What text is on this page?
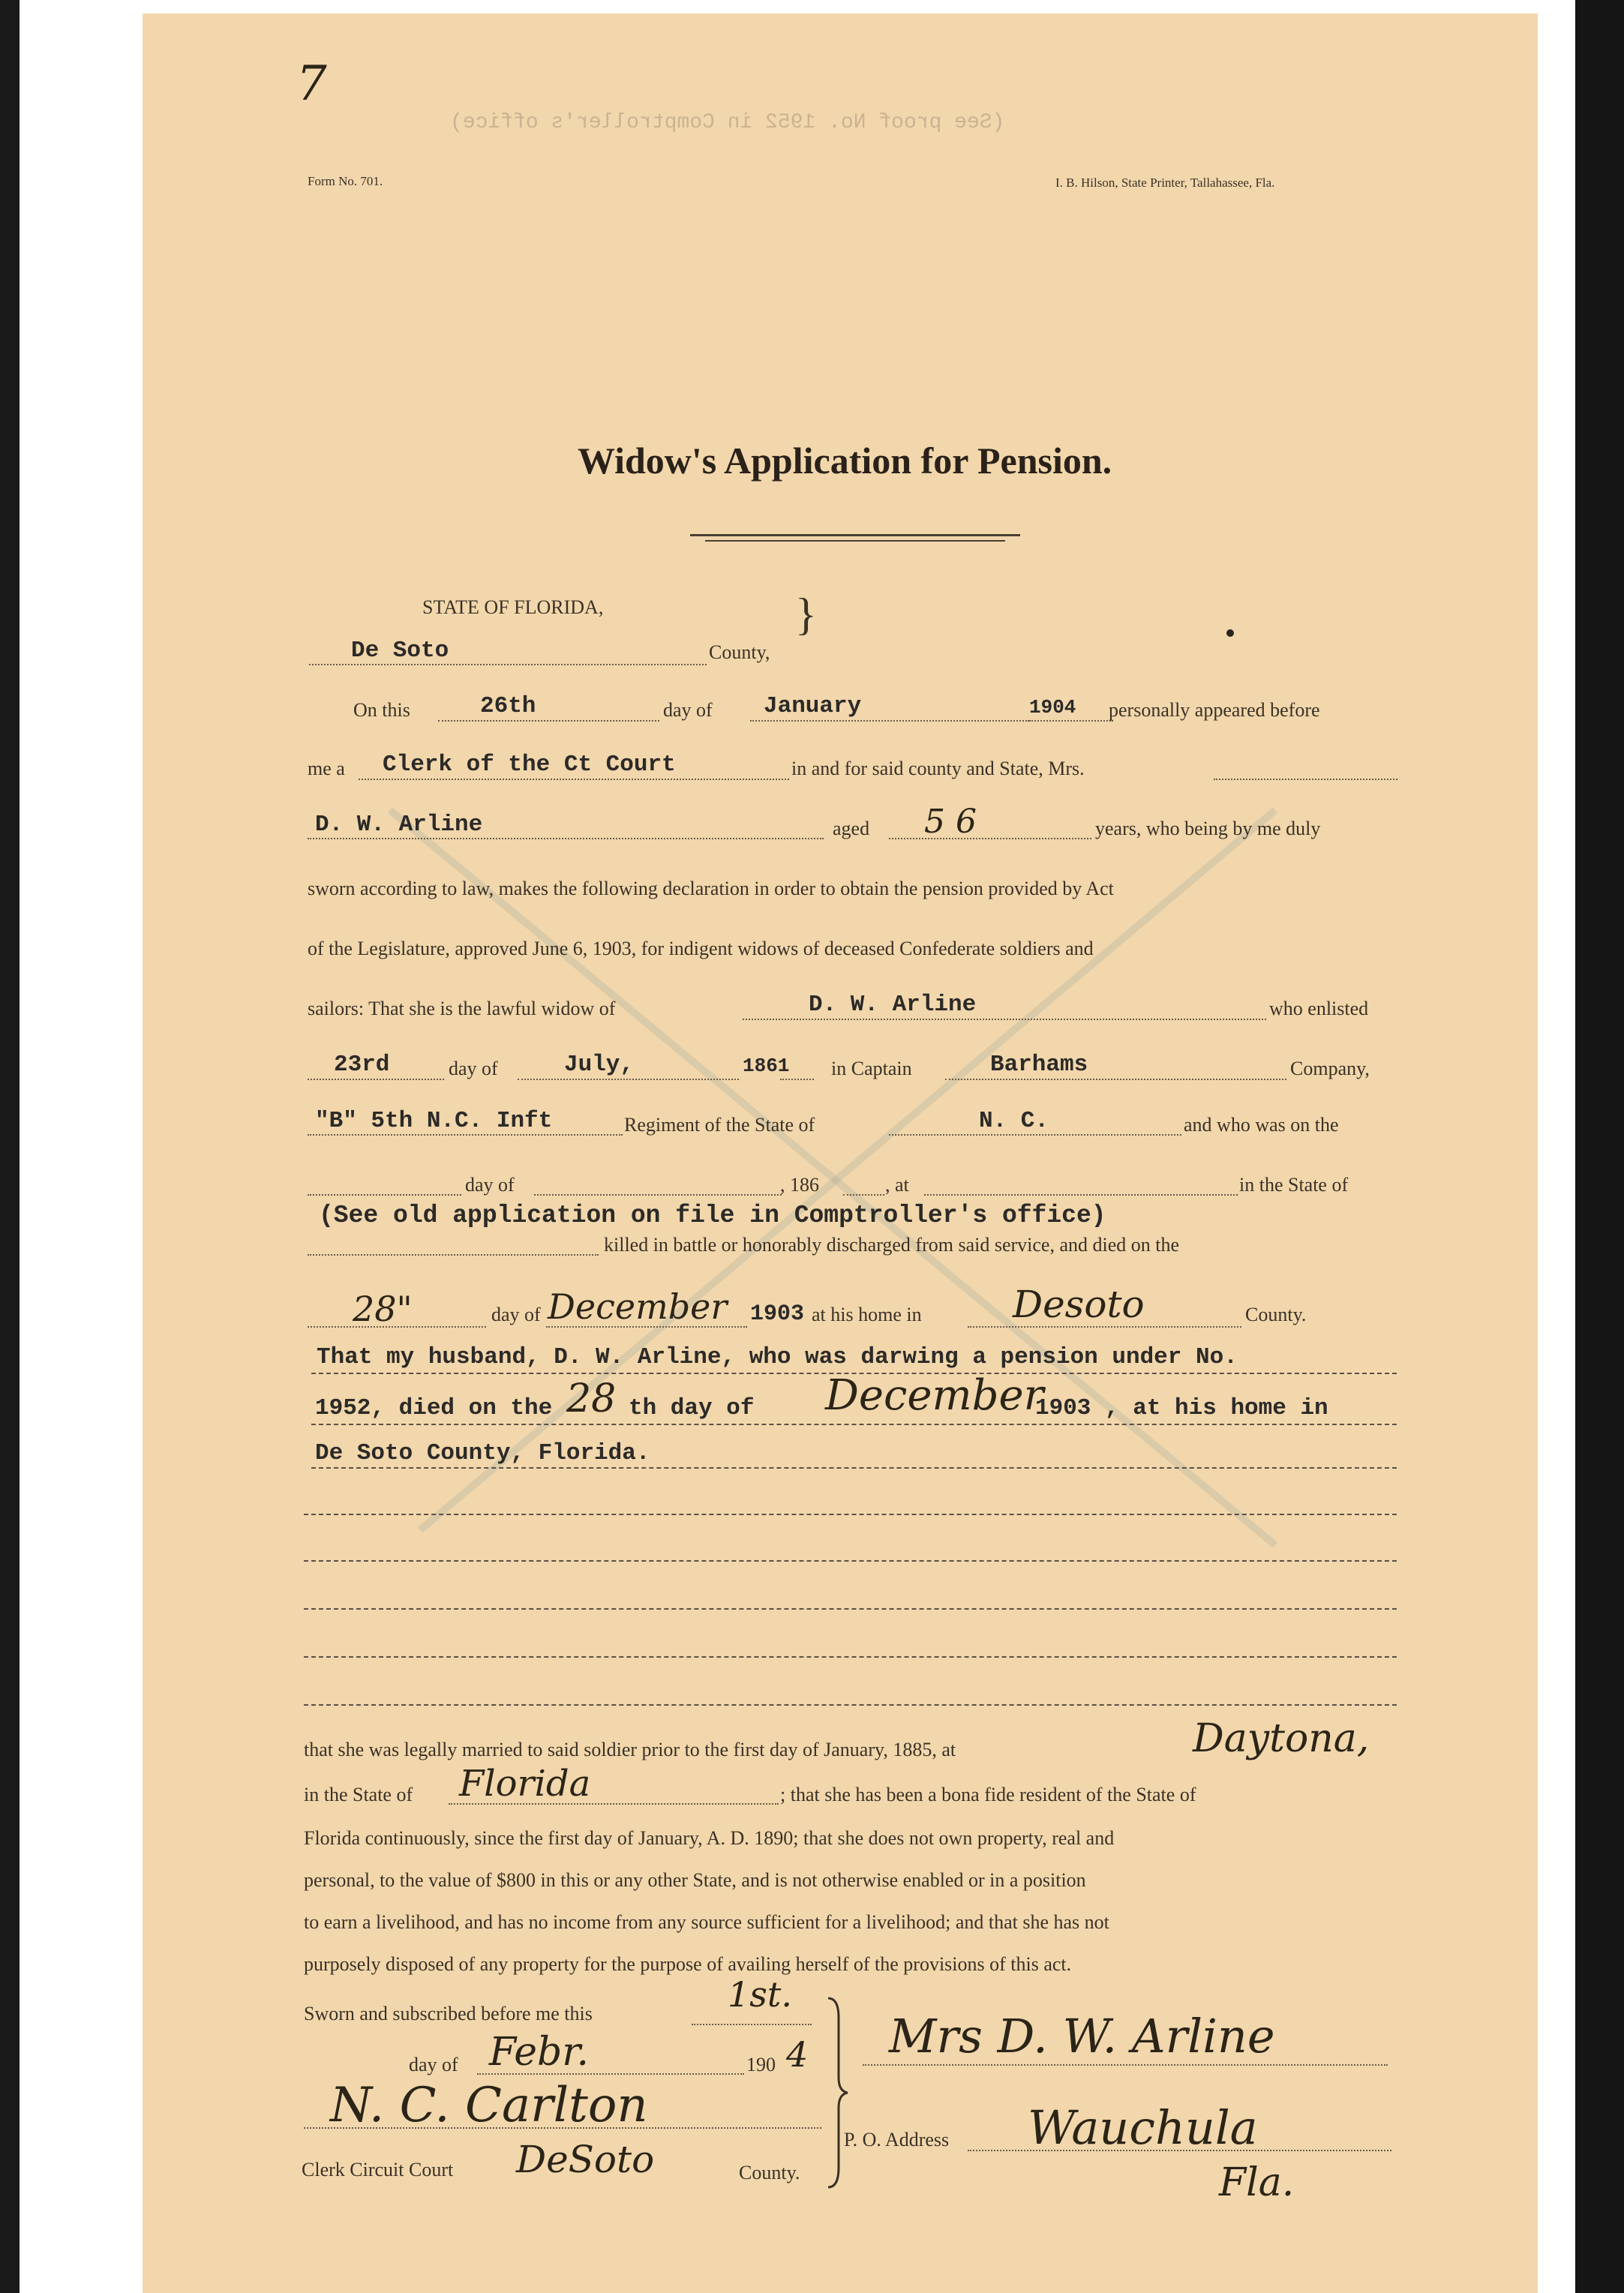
7
Form No. 701.	I. B. Hilson, State Printer, Tallahassee, Fla.
(See proof No. 1952 in Comptroller's office)
Widow's Application for Pension.
STATE OF FLORIDA,
De Soto	County,
}
On this	26th	day of January	1904 personally appeared before
me a Clerk of the Ct Court	in and for said county and State, Mrs.
D. W. Arline	aged 56	years, who being by me duly
sworn according to law, makes the following declaration in order to obtain the pension provided by Act
of the Legislature, approved June 6, 1903, for indigent widows of deceased Confederate soldiers and
sailors: That she is the lawful widow of	D. W. Arline	who enlisted
23rd	day of	July,	1861 in Captain	Barhams	Company,
"B" 5th N.C. Inft	Regiment of the State of	N. C.	and who was on the
day of	, 186	, at	in the State of
(See old application on file in Comptroller's office)
killed in battle or honorably discharged from said service, and died on the
28"	day of December 1903 at his home in Desoto	County.
That my husband, D. W. Arline, who was darwing a pension under No.
1952, died on the 28 th day of December
1903 , at his home in
De Soto County, Florida.
that she was legally married to said soldier prior to the first day of January, 1885, at	Daytona,
in the State of Florida	; that she has been a bona fide resident of the State of
Florida continuously, since the first day of January, A. D. 1890; that she does not own property, real and
personal, to the value of $800 in this or any other State, and is not otherwise enabled or in a position
to earn a livelihood, and has no income from any source sufficient for a livelihood; and that she has not
purposely disposed of any property for the purpose of availing herself of the provisions of this act.
Sworn and subscribed before me this	1st.
day of Febr.	190 4
N. C. Carlton
Clerk Circuit Court DeSoto	County.
Mrs D. W. Arline
P. O. Address Wauchula
Fla.
